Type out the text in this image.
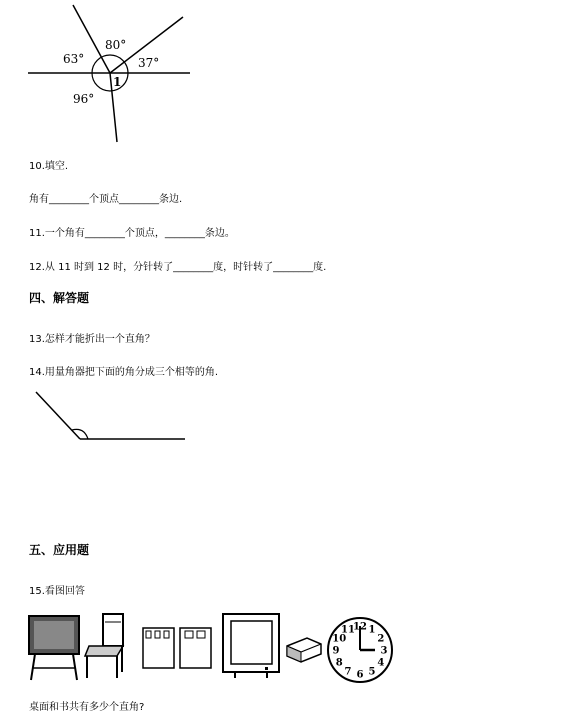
80°
63°	37°
96°
1
10.填空.
角有________个顶点________条边.
11.一个角有________个顶点，________条边。
12.从 11 时到 12 时，分针转了________度，时针转了________度.
四、解答题
13.怎样才能折出一个直角？
14.用量角器把下面的角分成三个相等的角.
五、应用题
15.看图回答
12 1
2
3
4
5
6
7
8
9
10
11
桌面和书共有多少个直角?
